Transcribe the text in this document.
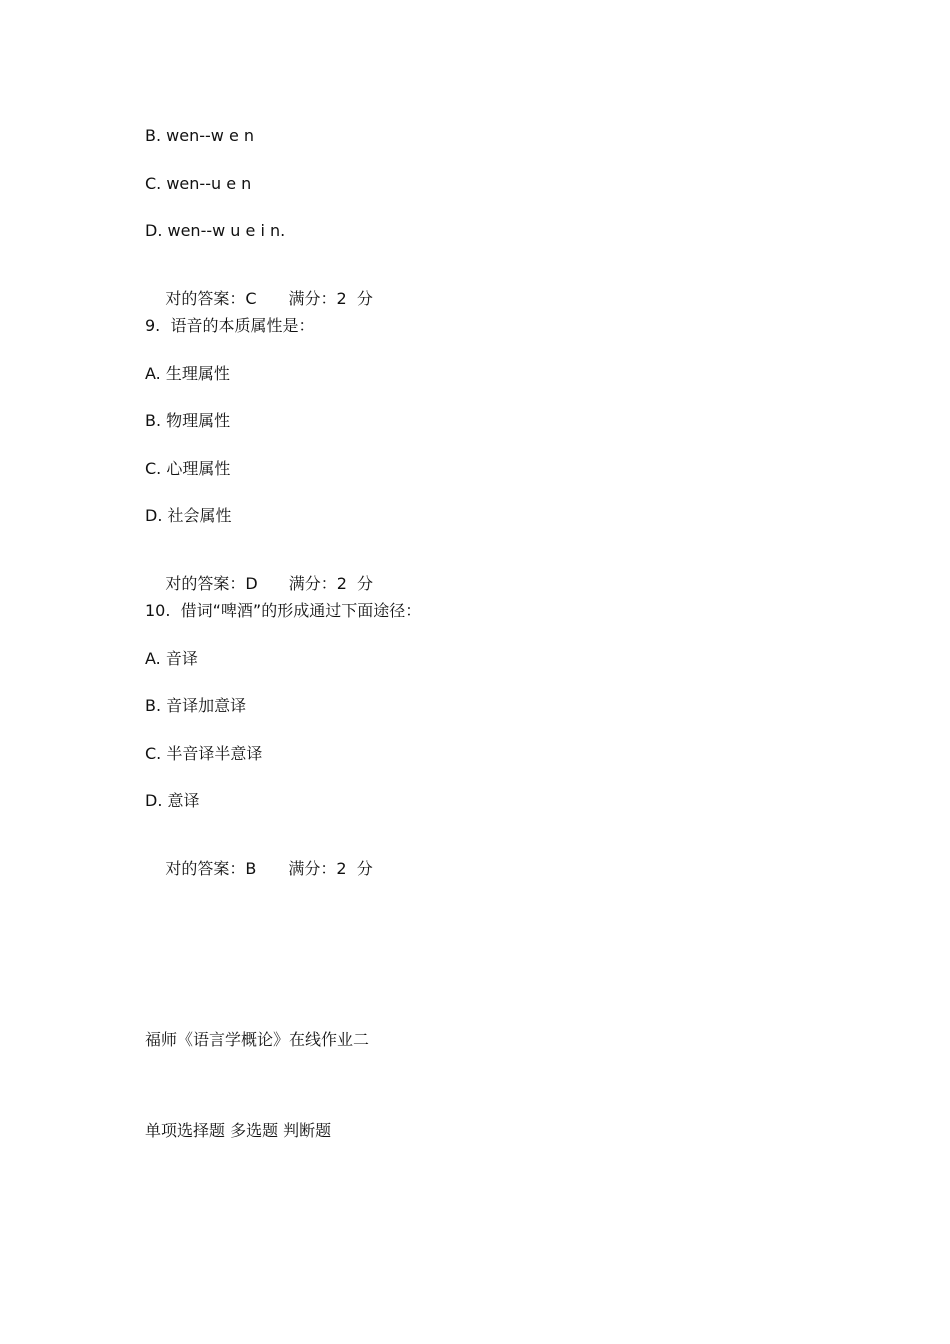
B. wen--w e n
C. wen--u e n
D. wen--w u e i n.

对的答案：C 满分：2  分

9.  语音的本质属性是：
A. 生理属性
B. 物理属性
C. 心理属性
D. 社会属性

对的答案：D 满分：2  分

10.  借词“啤酒”的形成通过下面途径：
A. 音译
B. 音译加意译
C. 半音译半意译
D. 意译

对的答案：B 满分：2  分

福师《语言学概论》在线作业二
单项选择题 多选题 判断题
